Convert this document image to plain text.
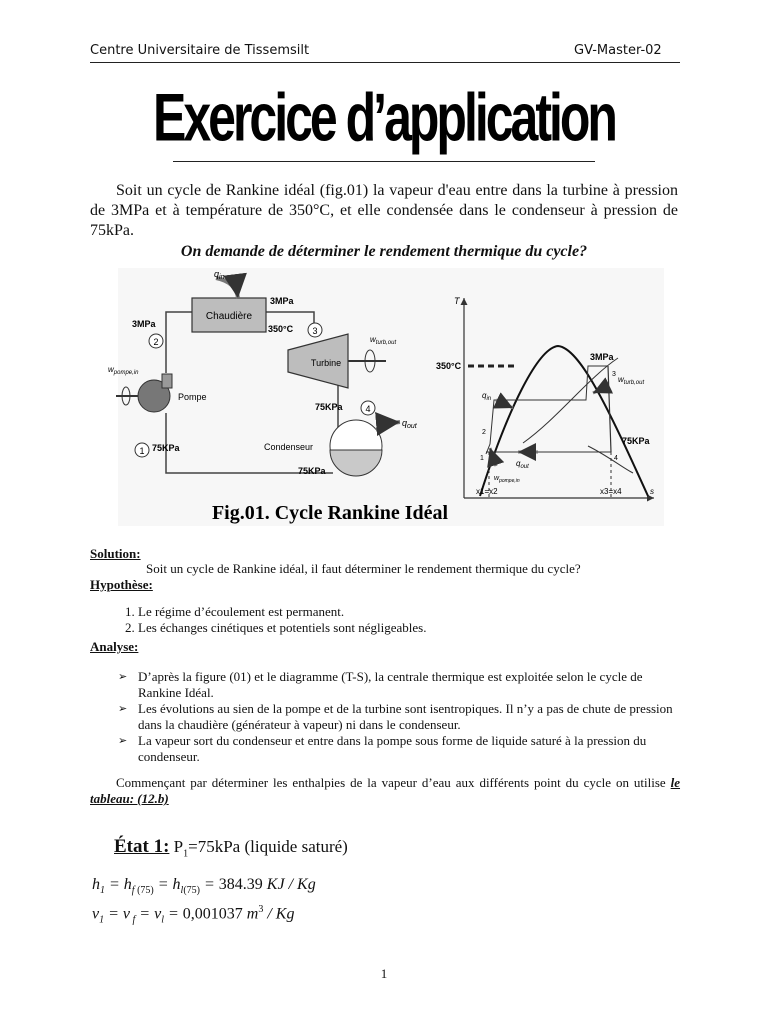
Centre Universitaire de Tissemsilt	GV-Master-02
Exercice d’application
Soit un cycle de Rankine idéal (fig.01) la vapeur d'eau entre dans la turbine à pression de 3MPa et à température de 350°C, et elle condensée dans le condenseur à pression de 75kPa.
On demande de déterminer le rendement thermique du cycle?
Chaudière
$q_{in}$
3MPa
350°C
3MPa
2
3
4
1
Turbine
$w_{turb,out}$
Pompe
$w_{pompe,in}$
75KPa
75KPa	Condenseur
75KPa
$q_{out}$
T
s
350°C
3MPa
75KPa
3
4
2
1
$q_{in}$
$q_{out}$
$w_{turb,out}$
$w_{pompe,in}$
x1=x2	x3=x4
Fig.01. Cycle Rankine Idéal
Solution:
Soit un cycle de Rankine idéal, il faut déterminer le rendement thermique du cycle?
Hypothèse:
1. Le régime d’écoulement est permanent.
2. Les échanges cinétiques et potentiels sont négligeables.
Analyse:
➢ D’après la figure (01) et le diagramme (T-S), la centrale thermique est exploitée selon le cycle de Rankine Idéal.
➢ Les évolutions au sien de la pompe et de la turbine sont isentropiques. Il n’y a pas de chute de pression dans la chaudière (générateur à vapeur) ni dans le condenseur.
➢ La vapeur sort du condenseur et entre dans la pompe sous forme de liquide saturé à la pression du condenseur.
Commençant par déterminer les enthalpies de la vapeur d’eau aux différents point du cycle on utilise le tableau: (12.b)
État 1: $P_1=75kPa$ (liquide saturé)
$h_1 = h_{f (75)} = h_{l(75)} = 384.39$ KJ / Kg
$v_1 = v$ $_f = v_l = 0,001037$ $m^3$ / Kg
1
